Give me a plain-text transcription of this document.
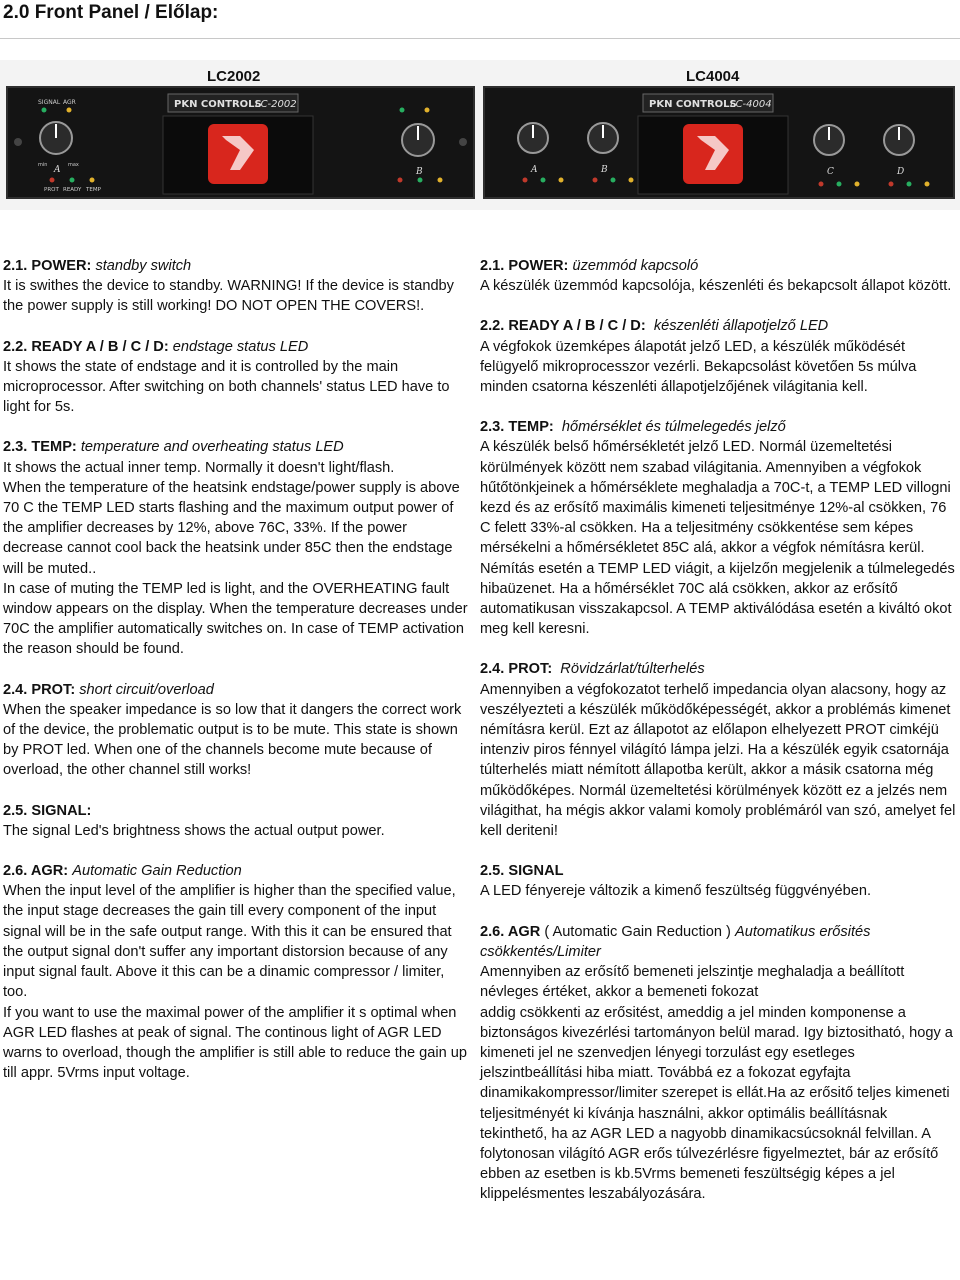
2.0 Front Panel / Előlap:
LC2002	LC4004
PKN CONTROLS
LC-2002
SIGNAL AGR
min	max
A
PROT READY TEMP
B
PKN CONTROLS
LC-4004
A	B	C	D

2.1. POWER: standby switch

It is swithes the device to standby. WARNING! If the device is standby the power supply is still working! DO NOT OPEN THE COVERS!.

2.2. READY A / B / C / D: endstage status LED

It shows the state of endstage and it is controlled by the main microprocessor. After switching on both channels' status LED have to light for 5s.

2.3. TEMP: temperature and overheating status LED

It shows the actual inner temp. Normally it doesn't light/flash.

When the temperature of the heatsink endstage/power supply is above 70 C the TEMP LED starts flashing and the maximum output power of the amplifier decreases by 12%, above 76C, 33%. If the power decrease cannot cool back the heatsink under 85C then the endstage will be muted..

In case of muting the TEMP led is light, and the OVERHEATING fault window appears on the display. When the temperature decreases under 70C the amplifier automatically switches on. In case of TEMP activation the reason should be found.

2.4. PROT: short circuit/overload

When the speaker impedance is so low that it dangers the correct work of the device, the problematic output is to be mute. This state is shown by PROT led. When one of the channels become mute because of overload, the other channel still works!

2.5. SIGNAL:

The signal Led's brightness shows the actual output power.

2.6. AGR: Automatic Gain Reduction

When the input level of the amplifier is higher than the specified value, the input stage decreases the gain till every component of the input signal will be in the safe output range. With this it can be ensured that the output signal don't suffer any important distorsion because of any input signal fault. Above it this can be a dinamic compressor / limiter, too.

If you want to use the maximal power of the amplifier it s optimal when AGR LED flashes at peak of signal. The continous light of AGR LED warns to overload, though the amplifier is still able to reduce the gain up till appr. 5Vrms input voltage.

2.1. POWER: üzemmód kapcsoló

A készülék üzemmód kapcsolója, készenléti és bekapcsolt állapot között.

2.2. READY A / B / C / D: készenléti állapotjelző LED

A végfokok üzemképes álapotát jelző LED, a készülék működését felügyelő mikroprocesszor vezérli. Bekapcsolást követően 5s múlva minden csatorna készenléti állapotjelzőjének világitania kell.

2.3. TEMP: hőmérséklet és túlmelegedés jelző

A készülék belső hőmérsékletét jelző LED. Normál üzemeltetési körülmények között nem szabad világitania. Amennyiben a végfokok hűtőtönkjeinek a hőmérséklete meghaladja a 70C-t, a TEMP LED villogni kezd és az erősítő maximális kimeneti teljesitménye 12%-al csökken, 76 C felett 33%-al csökken. Ha a teljesitmény csökkentése sem képes mérsékelni a hőmérsékletet 85C alá, akkor a végfok némításra kerül. Némítás esetén a TEMP LED viágit, a kijelzőn megjelenik a túlmelegedés hibaüzenet. Ha a hőmérséklet 70C alá csökken, akkor az erősítő automatikusan visszakapcsol. A TEMP aktiválódása esetén a kiváltó okot meg kell keresni.

2.4. PROT: Rövidzárlat/túlterhelés

Amennyiben a végfokozatot terhelő impedancia olyan alacsony, hogy az veszélyezteti a készülék működőképességét, akkor a problémás kimenet némításra kerül. Ezt az állapotot az előlapon elhelyezett PROT cimkéjü intenziv piros fénnyel világító lámpa jelzi. Ha a készülék egyik csatornája túlterhelés miatt némított állapotba került, akkor a másik csatorna még működőképes. Normál üzemeltetési körülmények között ez a jelzés nem világithat, ha mégis akkor valami komoly problémáról van szó, amelyet fel kell deriteni!

2.5. SIGNAL

A LED fényereje változik a kimenő feszültség függvényében.

2.6. AGR ( Automatic Gain Reduction ) Automatikus erősités csökkentés/Limiter

Amennyiben az erősítő bemeneti jelszintje meghaladja a beállított névleges értéket, akkor a bemeneti fokozat

addig csökkenti az erősitést, ameddig a jel minden komponense a biztonságos kivezérlési tartományon belül marad. Igy biztositható, hogy a kimeneti jel ne szenvedjen lényegi torzulást egy esetleges jelszintbeállítási hiba miatt. Továbbá ez a fokozat egyfajta dinamikakompressor/limiter szerepet is ellát.Ha az erősitő teljes kimeneti teljesitményét ki kívánja használni, akkor optimális beállításnak tekinthető, ha az AGR LED a nagyobb dinamikacsúcsoknál felvillan. A folytonosan világító AGR erős túlvezérlésre figyelmeztet, bár az erősítő ebben az esetben is kb.5Vrms bemeneti feszültségig képes a jel klippelésmentes leszabályozására.
